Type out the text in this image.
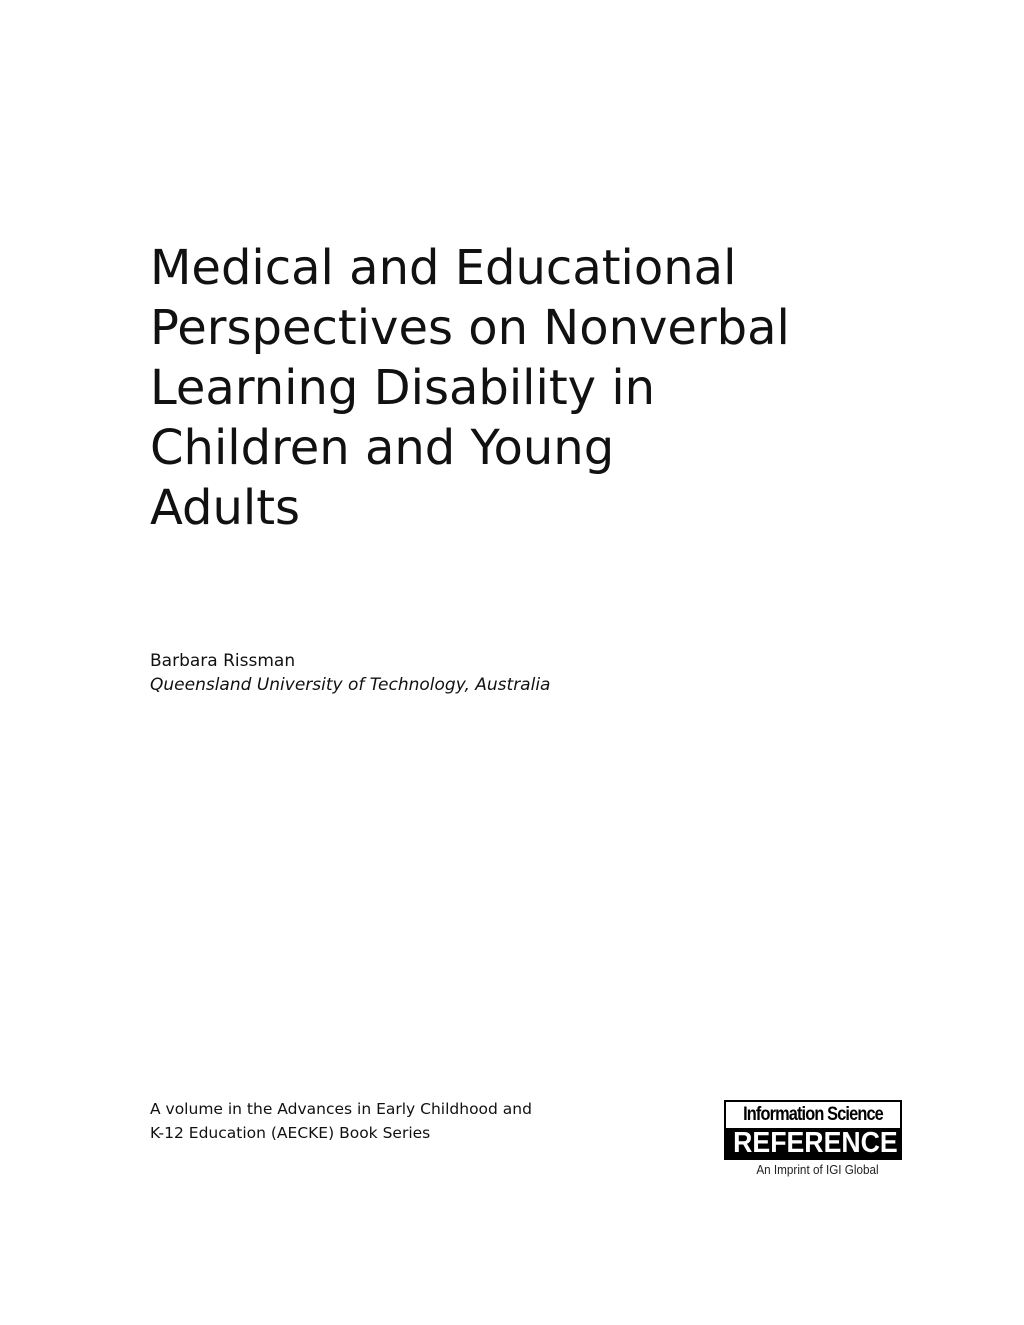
Medical and Educational
Perspectives on Nonverbal
Learning Disability in
Children and Young
Adults

Barbara Rissman

Queensland University of Technology, Australia

A volume in the Advances in Early Childhood and
K-12 Education (AECKE) Book Series

Information Science
REFERENCE
An Imprint of IGI Global
